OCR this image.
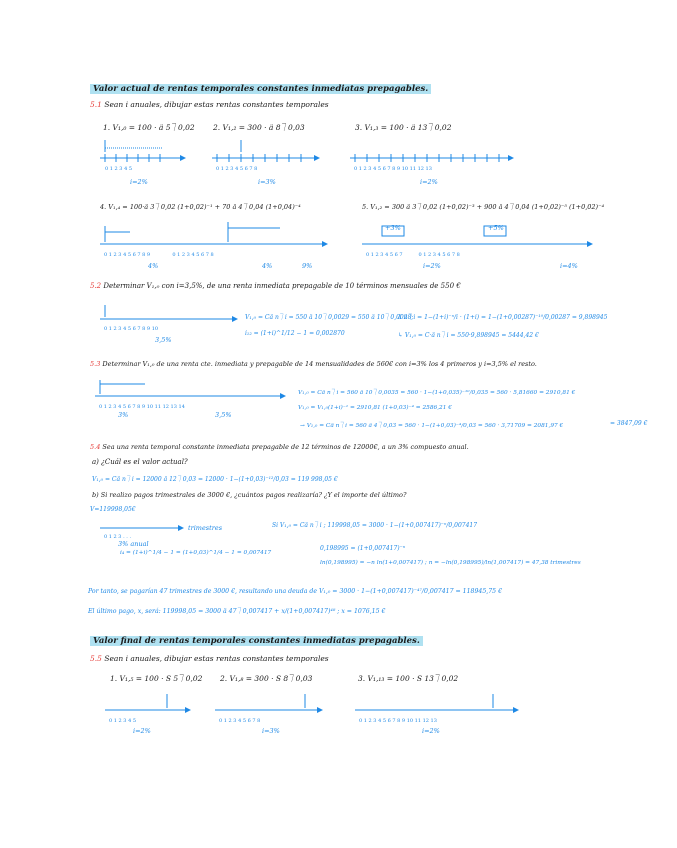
Valor actual de rentas temporales constantes inmediatas prepagables.
5.1 Sean i anuales, dibujar estas rentas constantes temporales
1. V₁,₀ = 100 · ä 5⏋0,02 2. V₁,₂ = 300 · ä 8⏋0,03	3. V₁,₃ = 100 · ä 13⏋0,02
0 1 2 3 4 5
i=2%
0 1 2 3 4 5 6 7 8
i=3%
0 1 2 3 4 5 6 7 8 9 10 11 12 13
i=2%
4. V₁,₄ = 100·ä 3⏋0,02 (1+0,02)⁻¹ + 70 ä 4⏋0,04 (1+0,04)⁻⁴	5. V₁,₂ = 300 ä 3⏋0,02 (1+0,02)⁻³ + 900 ä 4⏋0,04 (1+0,02)⁻⁵ (1+0,02)⁻⁴
0 1 2 3 4 5 6 7 8 9              0 1 2 3 4 5 6 7 8
4%	4%	9%
0 1 2 3 4 5 6 7          0 1 2 3 4 5 6 7 8
+3%	+5%
i=2%	i=4%
5.2 Determinar V₁,₀ con i=3,5%, de una renta inmediata prepagable de 10 términos mensuales de 550 €
0 1 2 3 4 5 6 7 8 9 10
3,5%
V₁,₀ = Cä n⏋i = 550 ä 10⏋0,0029 = 550 ä 10⏋0,0028;
i₁₂ = (1+i)^1/12 − 1 = 0,002870
ä n⏋i = 1−(1+i)⁻ⁿ/i · (1+i) = 1−(1+0,00287)⁻¹⁰/0,00287 = 9,898945
↳ V₁,₀ = C·ä n⏋i = 550·9,898945 = 5444,42 €
5.3 Determinar V₁,₀ de una renta cte. inmediata y prepagable de 14 mensualidades de 560€ con i=3% los 4 primeros y i=3,5% el resto.
0 1 2 3 4 5 6 7 8 9 10 11 12 13 14
3%	3,5%
V₁,₀ = Cä n⏋i = 560 ä 10⏋0,0035 = 560 · 1−(1+0,035)⁻¹⁰/0,035 = 560 · 5,81660 = 2910,81 €
V₁,₀ = V₁,₀(1+i)⁻¹ = 2910,81 (1+0,03)⁻⁴ = 2586,21 €
→ V₁,₀ = Cä n⏋i = 560 ä 4⏋0,03 = 560 · 1−(1+0,03)⁻⁴/0,03 = 560 · 3,71709 = 2081,97 €	= 3847,09 €
5.4 Sea una renta temporal constante inmediata prepagable de 12 términos de 12000€, a un 3% compuesto anual.
a) ¿Cuál es el valor actual?
V₁,₀ = Cä n⏋i = 12000 ä 12⏋0,03 = 12000 · 1−(1+0,03)⁻¹²/0,03 = 119 998,05 €
b) Si realizo pagos trimestrales de 3000 €, ¿cuántos pagos realizaría? ¿Y el importe del último?
V=119998,05€
0 1 2 3 . . .
trimestres
3% anual
i₄ = (1+i)^1/4 − 1 = (1+0,03)^1/4 − 1 = 0,007417
Si V₁,₀ = Cä n⏋i ; 119998,05 = 3000 · 1−(1+0,007417)⁻ⁿ/0,007417
0,198995 = (1+0,007417)⁻ⁿ
ln(0,198995) = −n ln(1+0,007417) ; n = −ln(0,198995)/ln(1,007417) = 47,38 trimestres
Por tanto, se pagarían 47 trimestres de 3000 €, resultando una deuda de V₁,₀ = 3000 · 1−(1+0,007417)⁻⁴⁷/0,007417 = 118945,75 €
El último pago, x, será: 119998,05 = 3000 ä 47⏋0,007417 + x/(1+0,007417)⁴⁸ ; x = 1076,15 €
Valor final de rentas temporales constantes inmediatas prepagables.
5.5 Sean i anuales, dibujar estas rentas constantes temporales
1. V₁,₅ = 100 · S 5⏋0,02 2. V₁,₈ = 300 · S 8⏋0,03	3. V₁,₁₃ = 100 · S 13⏋0,02
0 1 2 3 4 5
i=2%
0 1 2 3 4 5 6 7 8
i=3%
0 1 2 3 4 5 6 7 8 9 10 11 12 13
i=2%
